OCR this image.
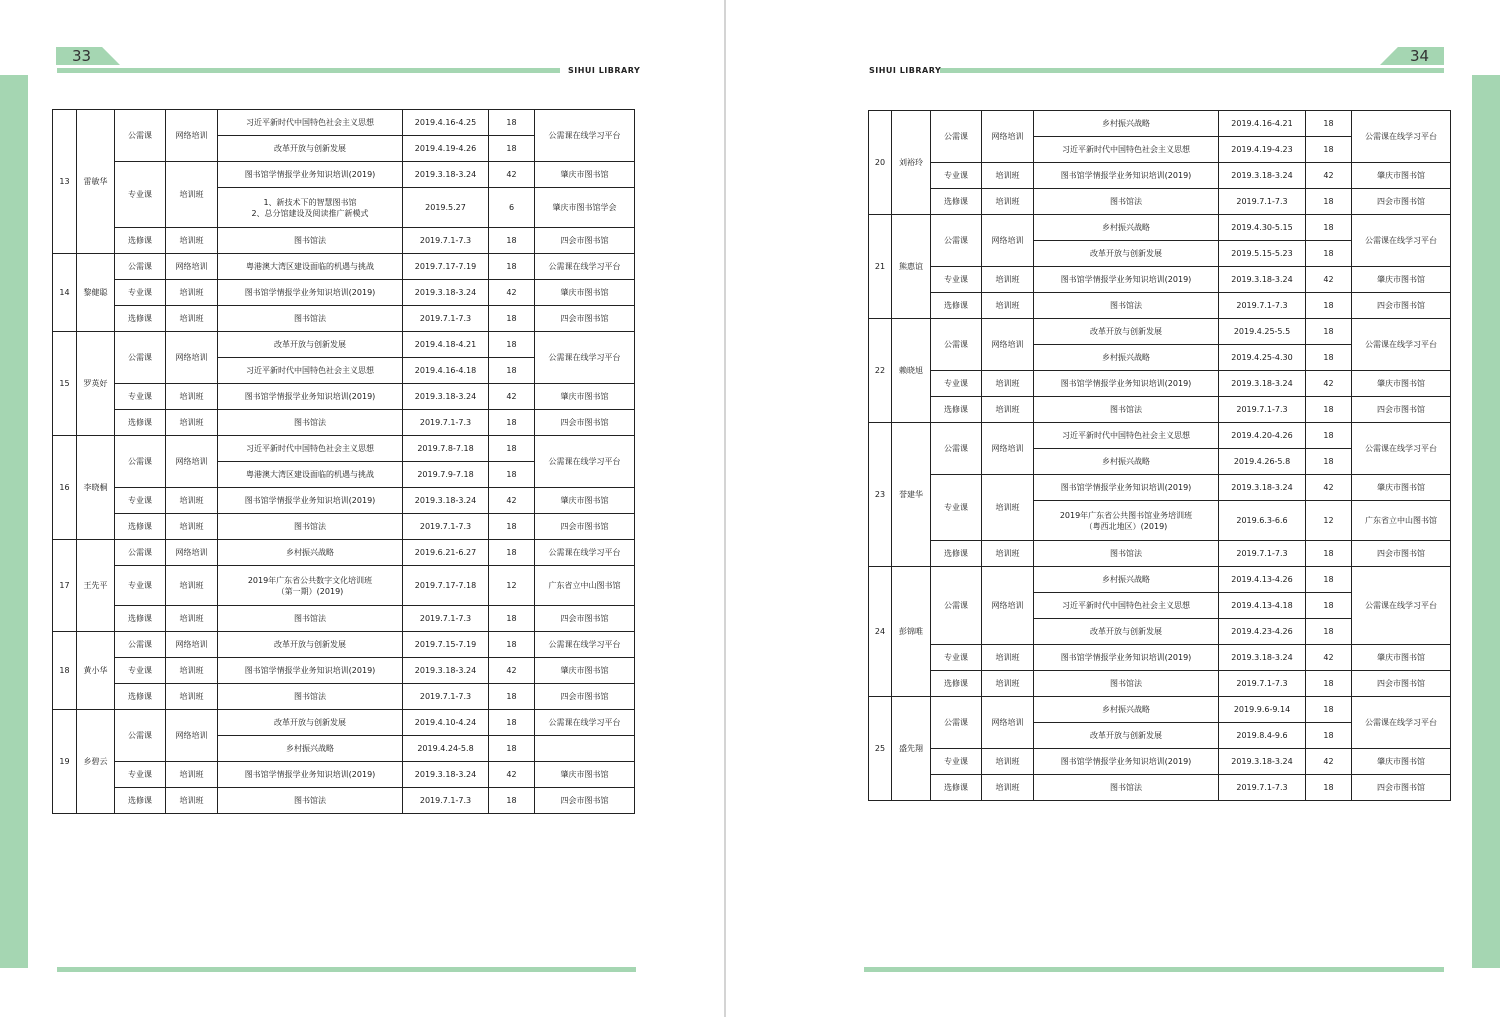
33
SIHUI LIBRARY
13	雷敏华	公需课	网络培训	习近平新时代中国特色社会主义思想	2019.4.16-4.25	18	公需课在线学习平台
				改革开放与创新发展	2019.4.19-4.26	18	
		专业课	培训班	图书馆学情报学业务知识培训(2019)	2019.3.18-3.24	42	肇庆市图书馆
				1、新技术下的智慧图书馆
2、总分馆建设及阅读推广新模式	2019.5.27	6	肇庆市图书馆学会
		选修课	培训班	图书馆法	2019.7.1-7.3	18	四会市图书馆
14	黎健聪	公需课	网络培训	粤港澳大湾区建设面临的机遇与挑战	2019.7.17-7.19	18	公需课在线学习平台
		专业课	培训班	图书馆学情报学业务知识培训(2019)	2019.3.18-3.24	42	肇庆市图书馆
		选修课	培训班	图书馆法	2019.7.1-7.3	18	四会市图书馆
15	罗英好	公需课	网络培训	改革开放与创新发展	2019.4.18-4.21	18	公需课在线学习平台
				习近平新时代中国特色社会主义思想	2019.4.16-4.18	18	
		专业课	培训班	图书馆学情报学业务知识培训(2019)	2019.3.18-3.24	42	肇庆市图书馆
		选修课	培训班	图书馆法	2019.7.1-7.3	18	四会市图书馆
16	李晓桐	公需课	网络培训	习近平新时代中国特色社会主义思想	2019.7.8-7.18	18	公需课在线学习平台
				粤港澳大湾区建设面临的机遇与挑战	2019.7.9-7.18	18	
		专业课	培训班	图书馆学情报学业务知识培训(2019)	2019.3.18-3.24	42	肇庆市图书馆
		选修课	培训班	图书馆法	2019.7.1-7.3	18	四会市图书馆
17	王先平	公需课	网络培训	乡村振兴战略	2019.6.21-6.27	18	公需课在线学习平台
		专业课	培训班	2019年广东省公共数字文化培训班
（第一期）(2019)	2019.7.17-7.18	12	广东省立中山图书馆
		选修课	培训班	图书馆法	2019.7.1-7.3	18	四会市图书馆
18	黄小华	公需课	网络培训	改革开放与创新发展	2019.7.15-7.19	18	公需课在线学习平台
		专业课	培训班	图书馆学情报学业务知识培训(2019)	2019.3.18-3.24	42	肇庆市图书馆
		选修课	培训班	图书馆法	2019.7.1-7.3	18	四会市图书馆
19	乡碧云	公需课	网络培训	改革开放与创新发展	2019.4.10-4.24	18	公需课在线学习平台
				乡村振兴战略	2019.4.24-5.8	18	
		专业课	培训班	图书馆学情报学业务知识培训(2019)	2019.3.18-3.24	42	肇庆市图书馆
		选修课	培训班	图书馆法	2019.7.1-7.3	18	四会市图书馆
34
SIHUI LIBRARY
20	刘裕玲	公需课	网络培训	乡村振兴战略	2019.4.16-4.21	18	公需课在线学习平台
				习近平新时代中国特色社会主义思想	2019.4.19-4.23	18	
		专业课	培训班	图书馆学情报学业务知识培训(2019)	2019.3.18-3.24	42	肇庆市图书馆
		选修课	培训班	图书馆法	2019.7.1-7.3	18	四会市图书馆
21	熊惠谊	公需课	网络培训	乡村振兴战略	2019.4.30-5.15	18	公需课在线学习平台
				改革开放与创新发展	2019.5.15-5.23	18	
		专业课	培训班	图书馆学情报学业务知识培训(2019)	2019.3.18-3.24	42	肇庆市图书馆
		选修课	培训班	图书馆法	2019.7.1-7.3	18	四会市图书馆
22	赖晓旭	公需课	网络培训	改革开放与创新发展	2019.4.25-5.5	18	公需课在线学习平台
				乡村振兴战略	2019.4.25-4.30	18	
		专业课	培训班	图书馆学情报学业务知识培训(2019)	2019.3.18-3.24	42	肇庆市图书馆
		选修课	培训班	图书馆法	2019.7.1-7.3	18	四会市图书馆
23	誉建华	公需课	网络培训	习近平新时代中国特色社会主义思想	2019.4.20-4.26	18	公需课在线学习平台
				乡村振兴战略	2019.4.26-5.8	18	
		专业课	培训班	图书馆学情报学业务知识培训(2019)	2019.3.18-3.24	42	肇庆市图书馆
				2019年广东省公共图书馆业务培训班
（粤西北地区）(2019)	2019.6.3-6.6	12	广东省立中山图书馆
		选修课	培训班	图书馆法	2019.7.1-7.3	18	四会市图书馆
24	彭锦唯	公需课	网络培训	乡村振兴战略	2019.4.13-4.26	18	公需课在线学习平台
				习近平新时代中国特色社会主义思想	2019.4.13-4.18	18	
				改革开放与创新发展	2019.4.23-4.26	18	
		专业课	培训班	图书馆学情报学业务知识培训(2019)	2019.3.18-3.24	42	肇庆市图书馆
		选修课	培训班	图书馆法	2019.7.1-7.3	18	四会市图书馆
25	盛先翔	公需课	网络培训	乡村振兴战略	2019.9.6-9.14	18	公需课在线学习平台
				改革开放与创新发展	2019.8.4-9.6	18	
		专业课	培训班	图书馆学情报学业务知识培训(2019)	2019.3.18-3.24	42	肇庆市图书馆
		选修课	培训班	图书馆法	2019.7.1-7.3	18	四会市图书馆
